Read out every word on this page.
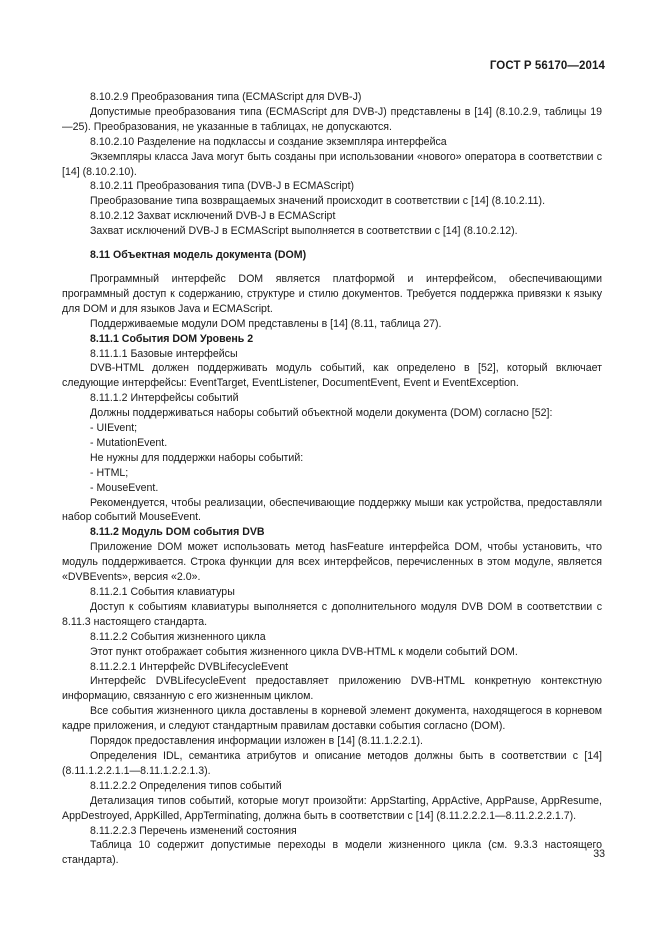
ГОСТ Р 56170—2014

8.10.2.9 Преобразования типа (ECMAScript для DVB-J)

Допустимые преобразования типа (ECMAScript для DVB-J) представлены в [14] (8.10.2.9, таблицы 19—25). Преобразования, не указанные в таблицах, не допускаются.

8.10.2.10 Разделение на подклассы и создание экземпляра интерфейса

Экземпляры класса Java могут быть созданы при использовании «нового» оператора в соответствии с [14] (8.10.2.10).

8.10.2.11 Преобразования типа (DVB-J в ECMAScript)

Преобразование типа возвращаемых значений происходит в соответствии с [14] (8.10.2.11).

8.10.2.12 Захват исключений DVB-J в ECMAScript

Захват исключений DVB-J в ECMAScript выполняется в соответствии с [14] (8.10.2.12).

8.11 Объектная модель документа (DOM)

Программный интерфейс DOM является платформой и интерфейсом, обеспечивающими программный доступ к содержанию, структуре и стилю документов. Требуется поддержка привязки к языку для DOM и для языков Java и ECMAScript.

Поддерживаемые модули DOM представлены в [14] (8.11, таблица 27).

8.11.1 События DOM Уровень 2

8.11.1.1 Базовые интерфейсы

DVB-HTML должен поддерживать модуль событий, как определено в [52], который включает следующие интерфейсы: EventTarget, EventListener, DocumentEvent, Event и EventException.

8.11.1.2 Интерфейсы событий

Должны поддерживаться наборы событий объектной модели документа (DOM) согласно [52]:

- UIEvent;

- MutationEvent.

Не нужны для поддержки наборы событий:

- HTML;

- MouseEvent.

Рекомендуется, чтобы реализации, обеспечивающие поддержку мыши как устройства, предоставляли набор событий MouseEvent.

8.11.2 Модуль DOM события DVB

Приложение DOM может использовать метод hasFeature интерфейса DOM, чтобы установить, что модуль поддерживается. Строка функции для всех интерфейсов, перечисленных в этом модуле, является «DVBEvents», версия «2.0».

8.11.2.1 События клавиатуры

Доступ к событиям клавиатуры выполняется с дополнительного модуля DVB DOM в соответствии с 8.11.3 настоящего стандарта.

8.11.2.2 События жизненного цикла

Этот пункт отображает события жизненного цикла DVB-HTML к модели событий DOM.

8.11.2.2.1 Интерфейс DVBLifecycleEvent

Интерфейс DVBLifecycleEvent предоставляет приложению DVB-HTML конкретную контекстную информацию, связанную с его жизненным циклом.

Все события жизненного цикла доставлены в корневой элемент документа, находящегося в корневом кадре приложения, и следуют стандартным правилам доставки события согласно (DOM).

Порядок предоставления информации изложен в [14] (8.11.1.2.2.1).

Определения IDL, семантика атрибутов и описание методов должны быть в соответствии с [14] (8.11.1.2.2.1.1—8.11.1.2.2.1.3).

8.11.2.2.2 Определения типов событий

Детализация типов событий, которые могут произойти: AppStarting, AppActive, AppPause, AppResume, AppDestroyed, AppKilled, AppTerminating, должна быть в соответствии с [14] (8.11.2.2.2.1—8.11.2.2.2.1.7).

8.11.2.2.3 Перечень изменений состояния

Таблица 10 содержит допустимые переходы в модели жизненного цикла (см. 9.3.3 настоящего стандарта).

33
